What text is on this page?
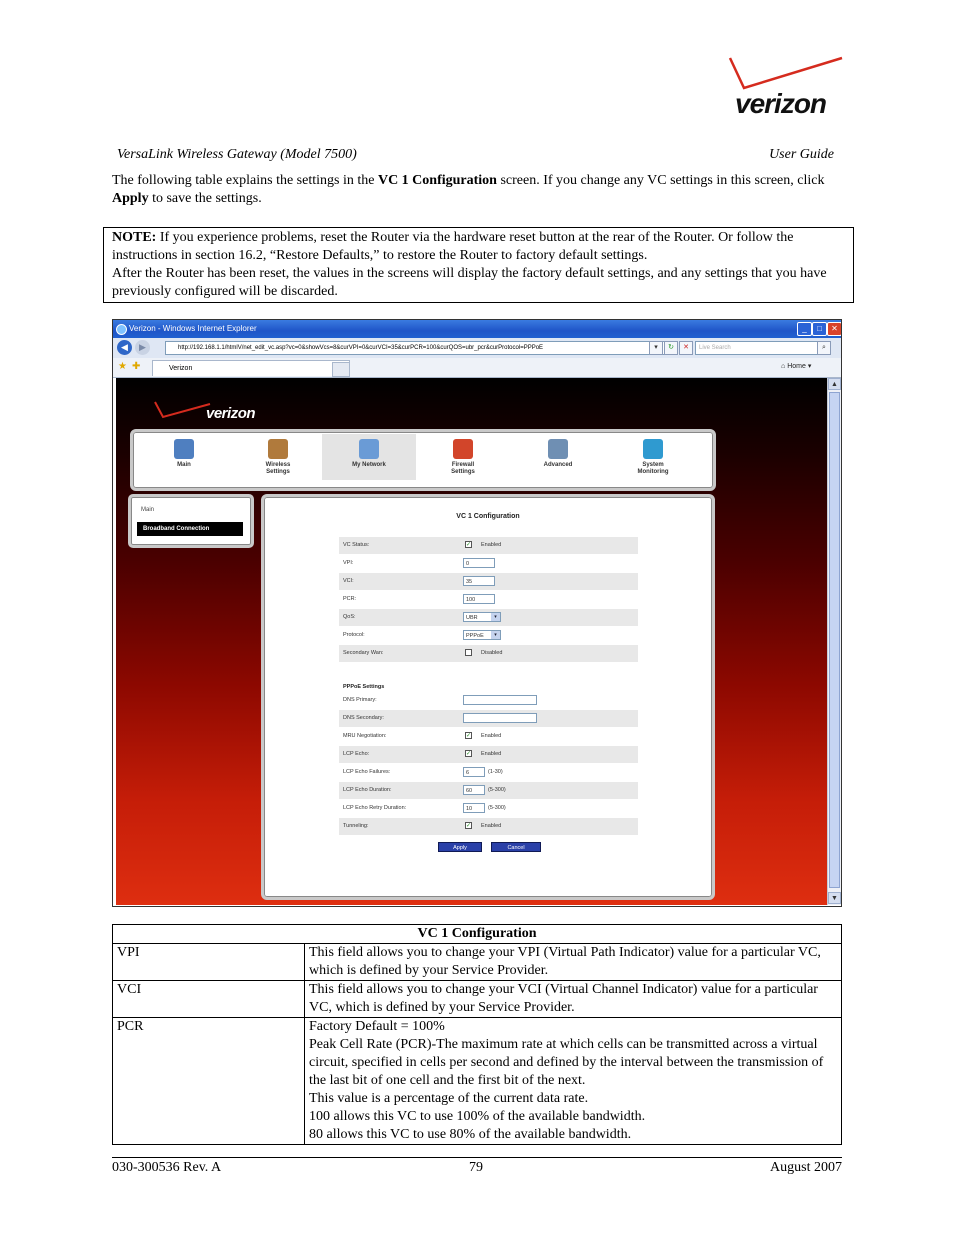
verizon
VersaLink Wireless Gateway (Model 7500)	User Guide
The following table explains the settings in the VC 1 Configuration screen. If you change any VC settings in this screen, click Apply to save the settings.
NOTE: If you experience problems, reset the Router via the hardware reset button at the rear of the Router. Or follow the instructions in section 16.2, “Restore Defaults,” to restore the Router to factory default settings.
After the Router has been reset, the values in the screens will display the factory default settings, and any settings that you have previously configured will be discarded.
Verizon - Windows Internet Explorer	_	□	✕
◀	▶	http://192.168.1.1/htmlV/net_edit_vc.asp?vc=0&showVcs=8&curVPI=0&curVCI=35&curPCR=100&curQOS=ubr_pcr&curProtocol=PPPoE	▾	↻	✕	Live Search	⌕
★ ✚	Verizon	⌂ Home ▾
verizon
Main	Wireless Settings
My Network	Firewall Settings
Advanced	System Monitoring
Main
Broadband Connection
VC 1 Configuration
VC Status:	✓ Enabled
VPI:	0
VCI:	35
PCR:	100
QoS:	UBR	▾
Protocol:	PPPoE	▾
Secondary Wan:	Disabled
PPPoE Settings
DNS Primary:
DNS Secondary:
MRU Negotiation:	✓ Enabled
LCP Echo:	✓ Enabled
LCP Echo Failures:	6	(1-30)
LCP Echo Duration:	60	(5-300)
LCP Echo Retry Duration:	10	(5-300)
Tunneling:	✓ Enabled
Apply	Cancel
▲
▼
VC 1 Configuration	
VPI	This field allows you to change your VPI (Virtual Path Indicator) value for a particular VC, which is defined by your Service Provider.
VCI	This field allows you to change your VCI (Virtual Channel Indicator) value for a particular VC, which is defined by your Service Provider.
PCR	Factory Default = 100%
Peak Cell Rate (PCR)-The maximum rate at which cells can be transmitted across a virtual circuit, specified in cells per second and defined by the interval between the transmission of the last bit of one cell and the first bit of the next.
This value is a percentage of the current data rate.
100 allows this VC to use 100% of the available bandwidth.
80 allows this VC to use 80% of the available bandwidth.
030-300536 Rev. A	79	August 2007
